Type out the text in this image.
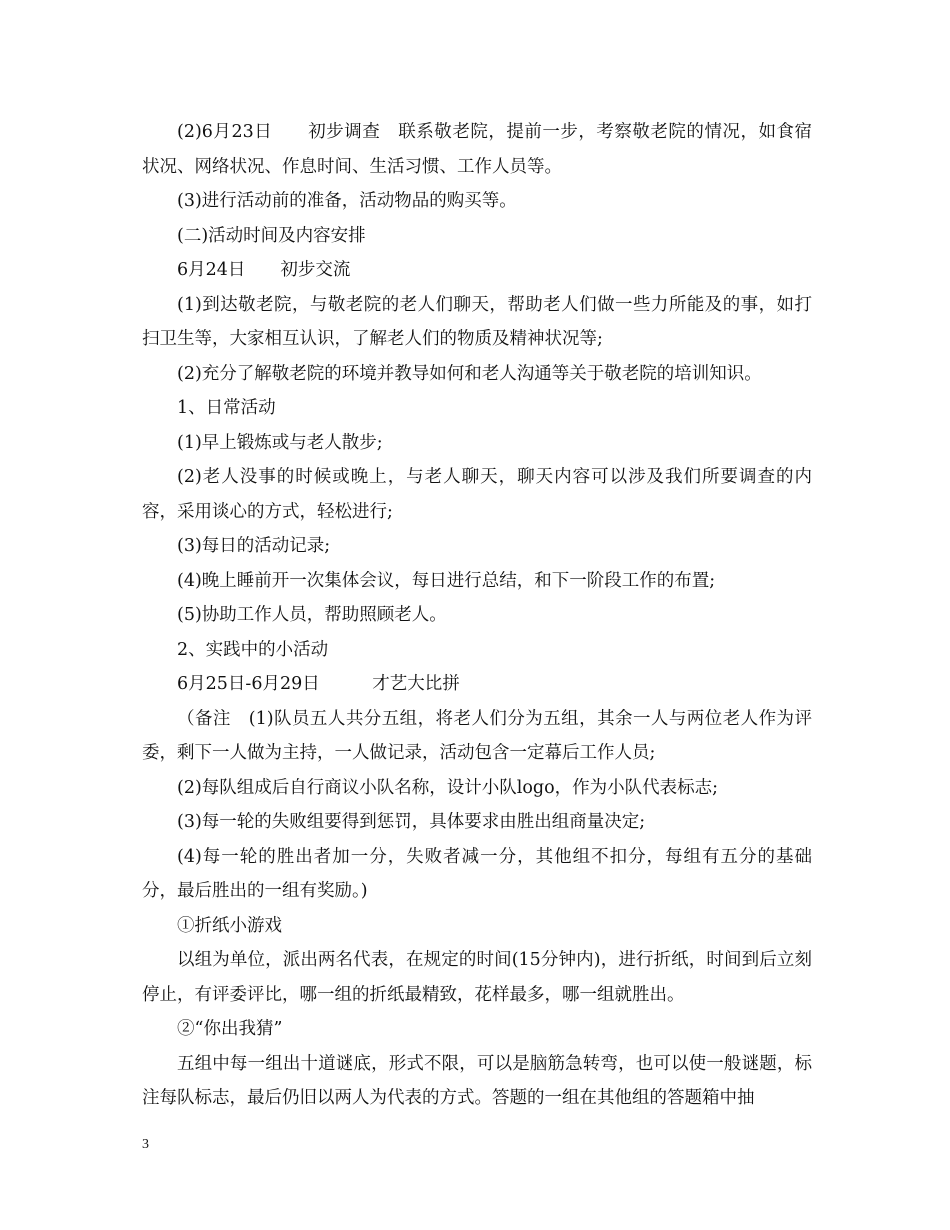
(2)6月23日　　初步调查　联系敬老院，提前一步，考察敬老院的情况，如食宿状况、网络状况、作息时间、生活习惯、工作人员等。

(3)进行活动前的准备，活动物品的购买等。

(二)活动时间及内容安排

6月24日　　初步交流

(1)到达敬老院，与敬老院的老人们聊天，帮助老人们做一些力所能及的事，如打扫卫生等，大家相互认识，了解老人们的物质及精神状况等;

(2)充分了解敬老院的环境并教导如何和老人沟通等关于敬老院的培训知识。

1、日常活动

(1)早上锻炼或与老人散步;

(2)老人没事的时候或晚上，与老人聊天，聊天内容可以涉及我们所要调查的内容，采用谈心的方式，轻松进行;

(3)每日的活动记录;

(4)晚上睡前开一次集体会议，每日进行总结，和下一阶段工作的布置;

(5)协助工作人员，帮助照顾老人。

2、实践中的小活动

6月25日-6月29日　　　才艺大比拼

（备注　(1)队员五人共分五组，将老人们分为五组，其余一人与两位老人作为评委，剩下一人做为主持，一人做记录，活动包含一定幕后工作人员;

(2)每队组成后自行商议小队名称，设计小队logo，作为小队代表标志;

(3)每一轮的失败组要得到惩罚，具体要求由胜出组商量决定;

(4)每一轮的胜出者加一分，失败者减一分，其他组不扣分，每组有五分的基础分，最后胜出的一组有奖励。)

①折纸小游戏

以组为单位，派出两名代表，在规定的时间(15分钟内)，进行折纸，时间到后立刻停止，有评委评比，哪一组的折纸最精致，花样最多，哪一组就胜出。

②“你出我猜”

五组中每一组出十道谜底，形式不限，可以是脑筋急转弯，也可以使一般谜题，标注每队标志，最后仍旧以两人为代表的方式。答题的一组在其他组的答题箱中抽

3
